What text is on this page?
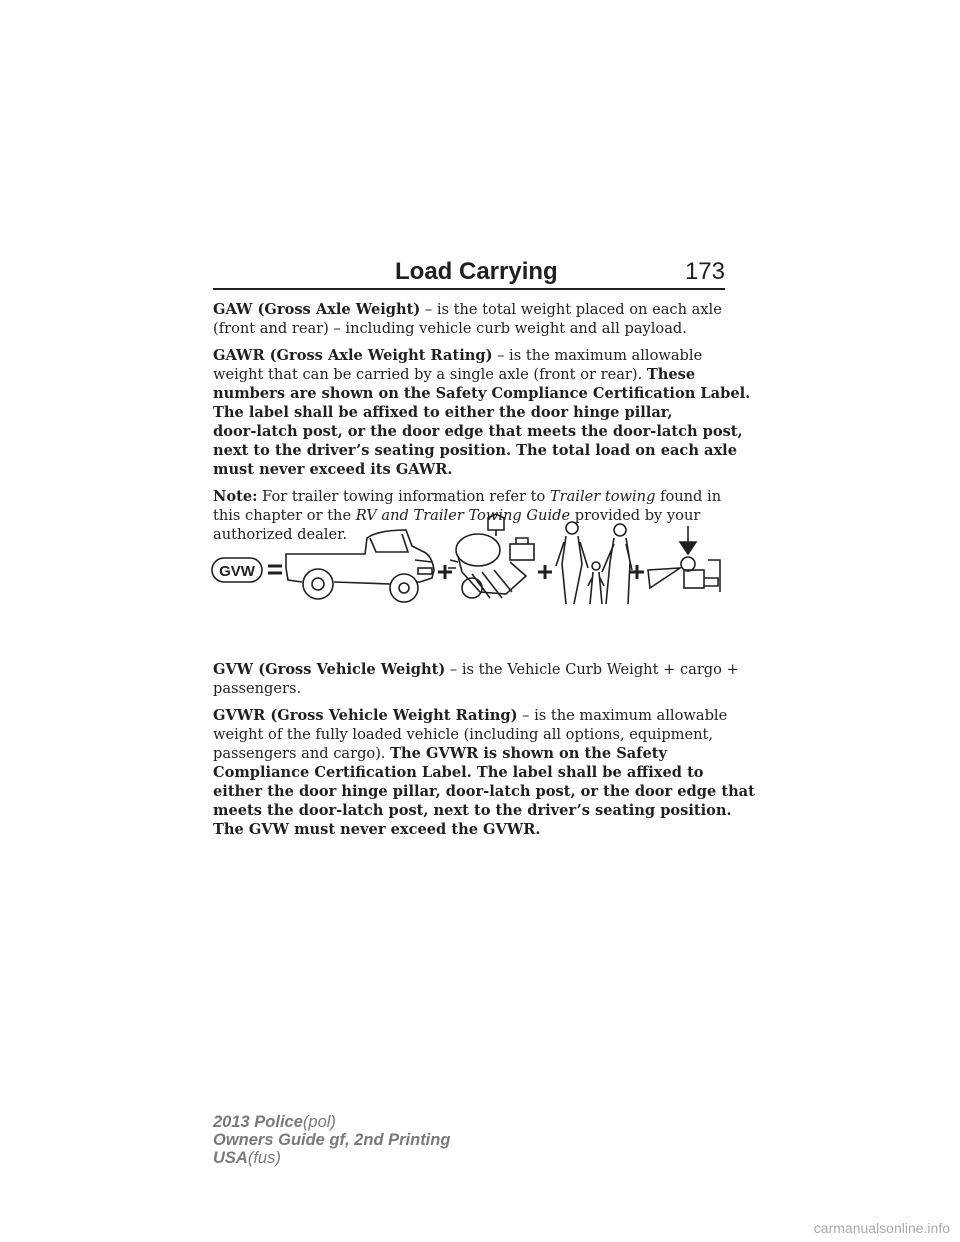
Load Carrying	173

GAW (Gross Axle Weight) – is the total weight placed on each axle
(front and rear) – including vehicle curb weight and all payload.

GAWR (Gross Axle Weight Rating) – is the maximum allowable
weight that can be carried by a single axle (front or rear). These
numbers are shown on the Safety Compliance Certification Label.
The label shall be affixed to either the door hinge pillar,
door-latch post, or the door edge that meets the door-latch post,
next to the driver’s seating position. The total load on each axle
must never exceed its GAWR.

Note: For trailer towing information refer to Trailer towing found in
this chapter or the RV and Trailer Towing Guide provided by your
authorized dealer.

GVW

GVW (Gross Vehicle Weight) – is the Vehicle Curb Weight + cargo +
passengers.

GVWR (Gross Vehicle Weight Rating) – is the maximum allowable
weight of the fully loaded vehicle (including all options, equipment,
passengers and cargo). The GVWR is shown on the Safety
Compliance Certification Label. The label shall be affixed to
either the door hinge pillar, door-latch post, or the door edge that
meets the door-latch post, next to the driver’s seating position.
The GVW must never exceed the GVWR.

2013 Police(pol)
Owners Guide gf, 2nd Printing
USA(fus)
carmanualsonline.info
